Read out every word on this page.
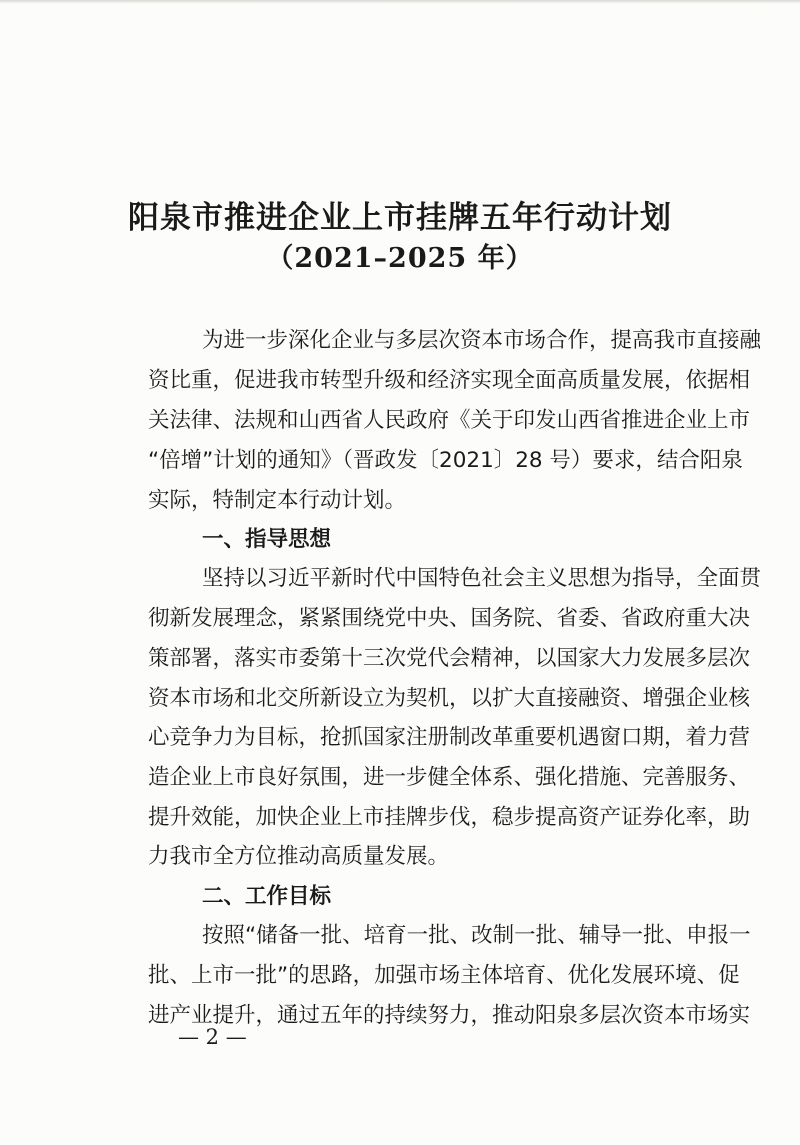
阳泉市推进企业上市挂牌五年行动计划
（2021–2025 年）
为进一步深化企业与多层次资本市场合作，提高我市直接融
资比重，促进我市转型升级和经济实现全面高质量发展，依据相
关法律、法规和山西省人民政府《关于印发山西省推进企业上市
“倍增”计划的通知》（晋政发〔2021〕28 号）要求，结合阳泉
实际，特制定本行动计划。
一、指导思想
坚持以习近平新时代中国特色社会主义思想为指导，全面贯
彻新发展理念，紧紧围绕党中央、国务院、省委、省政府重大决
策部署，落实市委第十三次党代会精神，以国家大力发展多层次
资本市场和北交所新设立为契机，以扩大直接融资、增强企业核
心竞争力为目标，抢抓国家注册制改革重要机遇窗口期，着力营
造企业上市良好氛围，进一步健全体系、强化措施、完善服务、
提升效能，加快企业上市挂牌步伐，稳步提高资产证券化率，助
力我市全方位推动高质量发展。
二、工作目标
按照“储备一批、培育一批、改制一批、辅导一批、申报一
批、上市一批”的思路，加强市场主体培育、优化发展环境、促
进产业提升，通过五年的持续努力，推动阳泉多层次资本市场实
— 2 —
